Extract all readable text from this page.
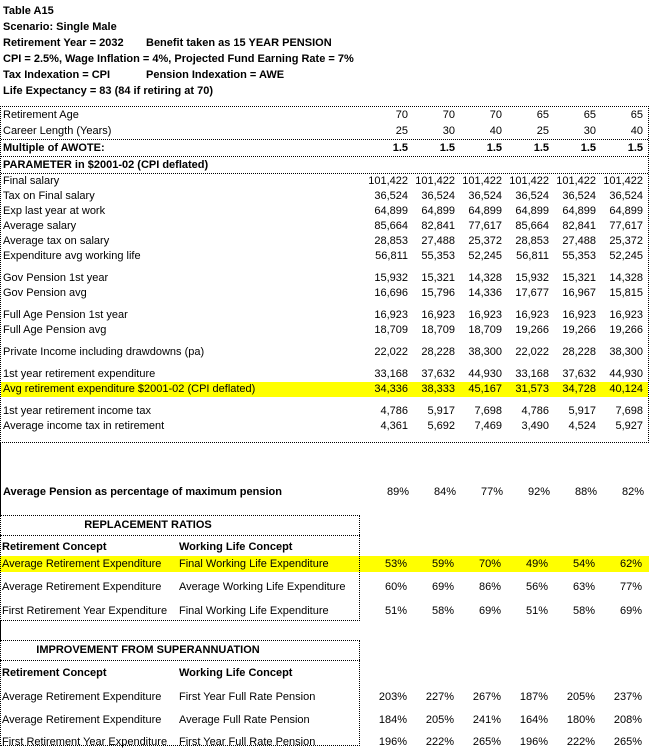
Table A15
Scenario: Single Male
Retirement Year = 2032 Benefit taken as 15 YEAR PENSION
CPI = 2.5%, Wage Inflation = 4%, Projected Fund Earning Rate = 7%
Tax Indexation = CPI	Pension Indexation = AWE
Life Expectancy = 83 (84 if retiring at 70)
Retirement Age	70	70	70	65	65	65
Career Length (Years)	25	30	40	25	30	40
Multiple of AWOTE:	1.5	1.5	1.5	1.5	1.5	1.5
PARAMETER in $2001-02 (CPI deflated)
Final salary	101,422 101,422 101,422 101,422 101,422 101,422
Tax on Final salary	36,524	36,524	36,524	36,524	36,524	36,524
Exp last year at work	64,899	64,899	64,899	64,899	64,899	64,899
Average salary	85,664	82,841	77,617	85,664	82,841	77,617
Average tax on salary	28,853	27,488	25,372	28,853	27,488	25,372
Expenditure avg working life	56,811	55,353	52,245	56,811	55,353	52,245
Gov Pension 1st year	15,932	15,321	14,328	15,932	15,321	14,328
Gov Pension avg	16,696	15,796	14,336	17,677	16,967	15,815
Full Age Pension 1st year	16,923	16,923	16,923	16,923	16,923	16,923
Full Age Pension avg	18,709	18,709	18,709	19,266	19,266	19,266
Private Income including drawdowns (pa)	22,022	28,228	38,300	22,022	28,228	38,300
1st year retirement expenditure	33,168	37,632	44,930	33,168	37,632	44,930
Avg retirement expenditure $2001-02 (CPI deflated)	34,336	38,333	45,167	31,573	34,728	40,124
1st year retirement income tax	4,786	5,917	7,698	4,786	5,917	7,698
Average income tax in retirement	4,361	5,692	7,469	3,490	4,524	5,927
Average Pension as percentage of maximum pension	89%	84%	77%	92%	88%	82%
REPLACEMENT RATIOS
Retirement Concept	Working Life Concept
Average Retirement Expenditure	Final Working Life Expenditure	53%	59%	70%	49%	54%	62%
Average Retirement Expenditure	Average Working Life Expenditure	60%	69%	86%	56%	63%	77%
First Retirement Year Expenditure	Final Working Life Expenditure	51%	58%	69%	51%	58%	69%
IMPROVEMENT FROM SUPERANNUATION
Retirement Concept	Working Life Concept
Average Retirement Expenditure	First Year Full Rate Pension	203%	227%	267%	187%	205%	237%
Average Retirement Expenditure	Average Full Rate Pension	184%	205%	241%	164%	180%	208%
First Retirement Year Expenditure	First Year Full Rate Pension	196%	222%	265%	196%	222%	265%
